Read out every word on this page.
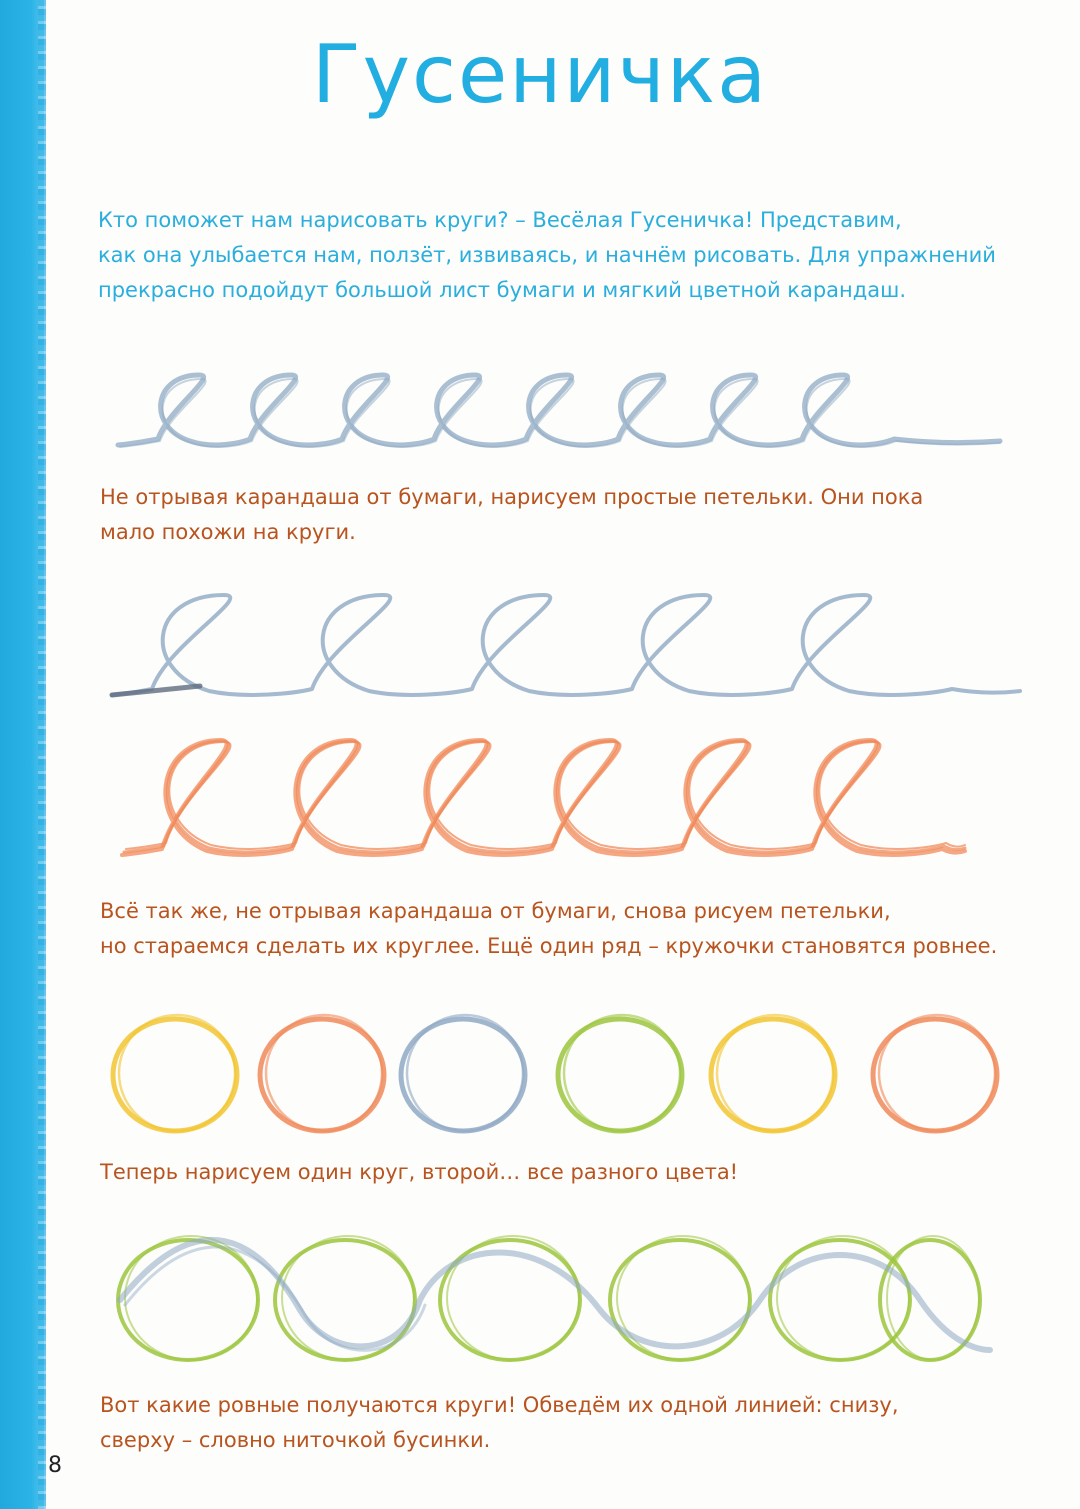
Гусеничка

Кто поможет нам нарисовать круги? – Весёлая Гусеничка! Представим,
как она улыбается нам, ползёт, извиваясь, и начнём рисовать. Для упражнений
прекрасно подойдут большой лист бумаги и мягкий цветной карандаш.

Не отрывая карандаша от бумаги, нарисуем простые петельки. Они пока
мало похожи на круги.

Всё так же, не отрывая карандаша от бумаги, снова рисуем петельки,
но стараемся сделать их круглее. Ещё один ряд – кружочки становятся ровнее.

Теперь нарисуем один круг, второй… все разного цвета!

Вот какие ровные получаются круги! Обведём их одной линией: снизу,
сверху – словно ниточкой бусинки.

8
